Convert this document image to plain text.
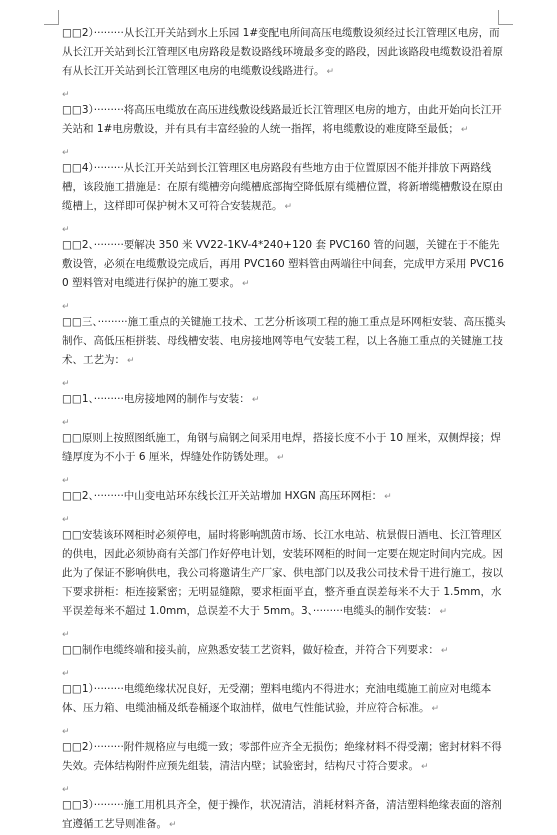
□□2）·········从长江开关站到水上乐园 1#变配电所间高压电缆敷设须经过长江管理区电房，而从长江开关站到长江管理区电房路段是数设路线环境最多变的路段，因此该路段电缆数设沿着原有从长江开关站到长江管理区电房的电缆敷设线路进行。 ↵

↵

□□3）·········将高压电缆放在高压进线敷设线路最近长江管理区电房的地方，由此开始向长江开关站和 1#电房敷设，并有具有丰富经验的人统一指挥，将电缆敷设的难度降至最低； ↵

↵

□□4）·········从长江开关站到长江管理区电房路段有些地方由于位置原因不能并排放下两路线槽，该段施工措施是：在原有缆槽旁向缆槽底部掏空降低原有缆槽位置，将新增缆槽敷设在原由缆槽上，这样即可保护树木又可符合安装规范。 ↵

↵

□□2、·········要解决 350 米 VV22-1KV-4*240+120 套 PVC160 管的问题，关键在于不能先敷设管，必须在电缆敷设完成后，再用 PVC160 塑料管由两端往中间套，完成甲方采用 PVC160 塑料管对电缆进行保护的施工要求。 ↵

↵

□□三、·········施工重点的关键施工技术、工艺分析该项工程的施工重点是环网柜安装、高压揽头制作、高低压柜拼装、母线槽安装、电房接地网等电气安装工程，以上各施工重点的关键施工技术、工艺为： ↵

↵

□□1、·········电房接地网的制作与安装： ↵

↵

□□原则上按照图纸施工，角钢与扁钢之间采用电焊，搭接长度不小于 10 厘米，双侧焊接；焊缝厚度为不小于 6 厘米，焊缝处作防锈处理。 ↵

↵

□□2、·········中山变电站环东线长江开关站增加 HXGN 高压环网柜： ↵

↵

□□安装该环网柜时必须停电，届时将影响凯茵市场、长江水电站、杭景假日酒电、长江管理区的供电，因此必须协商有关部门作好停电计划，安装环网柜的时间一定要在规定时间内完成。因此为了保证不影响供电，我公司将邀请生产厂家、供电部门以及我公司技术骨干进行施工，按以下要求拼柜：柜连接紧密；无明显缝隙，要求柜面平直，整齐垂直误差每米不大于 1.5mm，水平误差每米不超过 1.0mm，总误差不大于 5mm。3、·········电缆头的制作安装： ↵

↵

□□制作电缆终端和接头前，应熟悉安装工艺资料，做好检查，并符合下列要求： ↵

↵

□□1）·········电缆绝缘状况良好，无受潮；塑料电缆内不得进水；充油电缆施工前应对电缆本体、压力箱、电缆油桶及纸卷桶逐个取油样，做电气性能试验，并应符合标准。 ↵

↵

□□2）·········附件规格应与电缆一致；零部件应齐全无损伤；绝缘材料不得受潮；密封材料不得失效。壳体结构附件应预先组装，清洁内壁；试验密封，结构尺寸符合要求。 ↵

↵

□□3）·········施工用机具齐全，便于操作，状况清洁，消耗材料齐备，清洁塑料绝缘表面的溶剂宜遵循工艺导则准备。 ↵
